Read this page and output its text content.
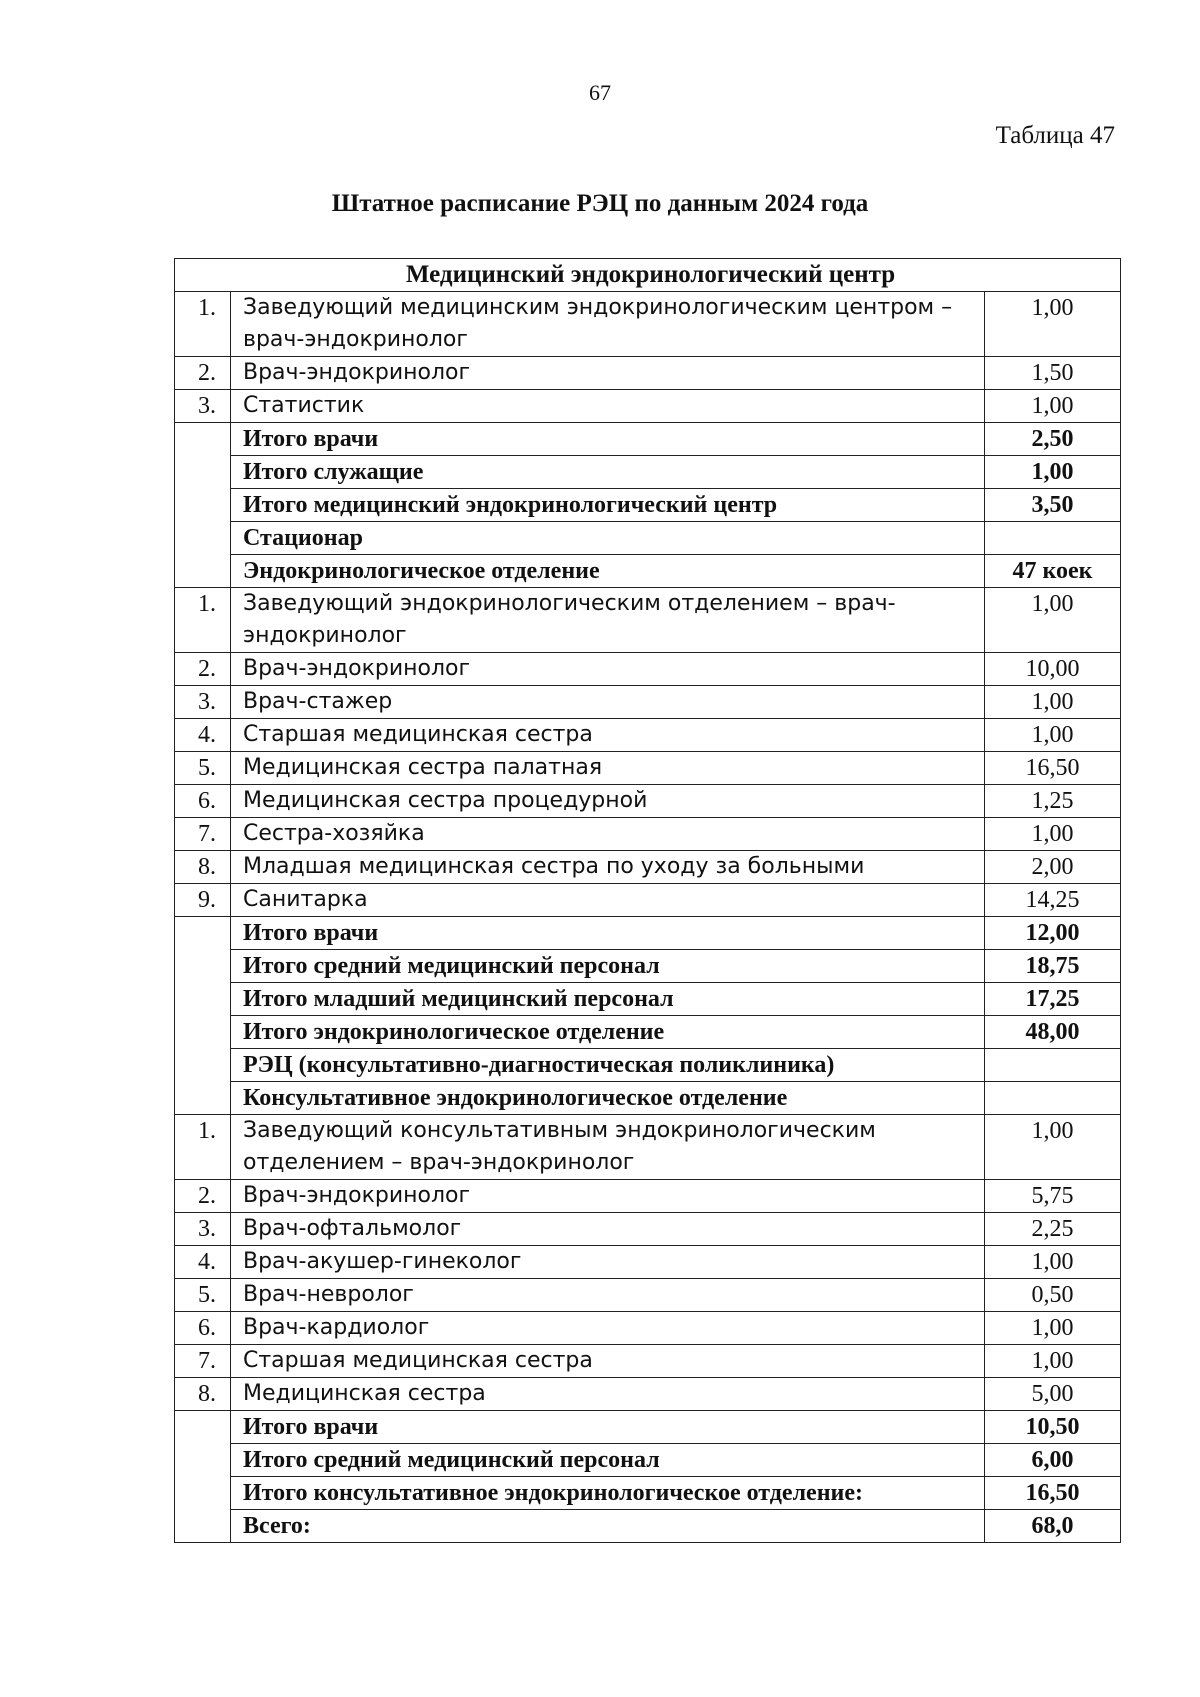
67
Таблица 47
Штатное расписание РЭЦ по данным 2024 года
Медицинский эндокринологический центр		
1.	Заведующий медицинским эндокринологическим центром – врач-эндокринолог	1,00
2.	Врач-эндокринолог	1,50
3.	Статистик	1,00
	Итого врачи	2,50
	Итого служащие	1,00
	Итого медицинский эндокринологический центр	3,50
	Стационар	
	Эндокринологическое отделение	47 коек
1.	Заведующий эндокринологическим отделением – врач-эндокринолог	1,00
2.	Врач-эндокринолог	10,00
3.	Врач-стажер	1,00
4.	Старшая медицинская сестра	1,00
5.	Медицинская сестра палатная	16,50
6.	Медицинская сестра процедурной	1,25
7.	Сестра-хозяйка	1,00
8.	Младшая медицинская сестра по уходу за больными	2,00
9.	Санитарка	14,25
	Итого врачи	12,00
	Итого средний медицинский персонал	18,75
	Итого младший медицинский персонал	17,25
	Итого эндокринологическое отделение	48,00
	РЭЦ (консультативно-диагностическая поликлиника)	
	Консультативное эндокринологическое отделение	
1.	Заведующий консультативным эндокринологическим отделением – врач-эндокринолог	1,00
2.	Врач-эндокринолог	5,75
3.	Врач-офтальмолог	2,25
4.	Врач-акушер-гинеколог	1,00
5.	Врач-невролог	0,50
6.	Врач-кардиолог	1,00
7.	Старшая медицинская сестра	1,00
8.	Медицинская сестра	5,00
	Итого врачи	10,50
	Итого средний медицинский персонал	6,00
	Итого консультативное эндокринологическое отделение:	16,50
	Всего:	68,0
